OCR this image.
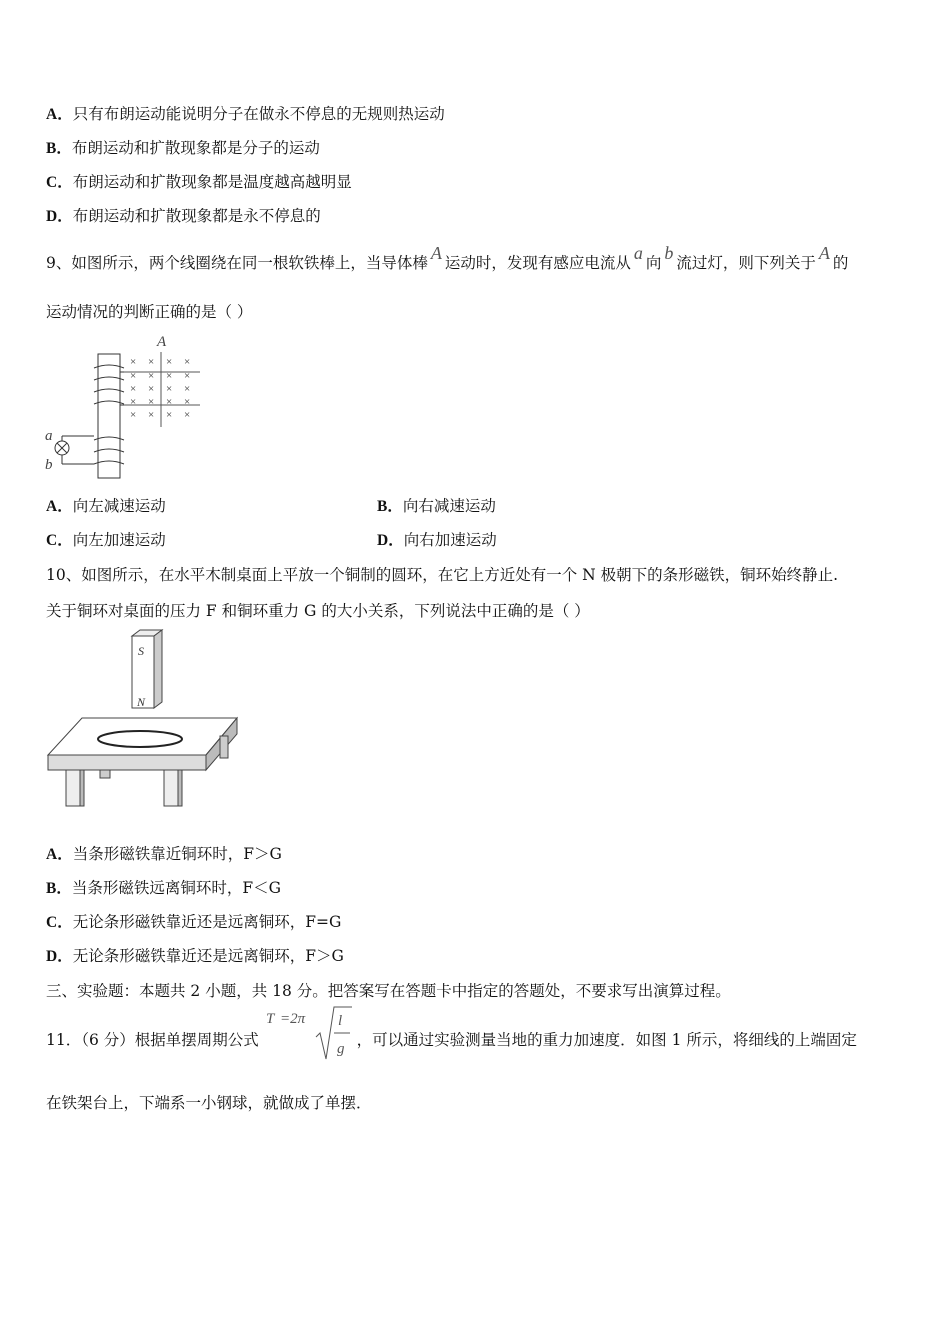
A．只有布朗运动能说明分子在做永不停息的无规则热运动
B．布朗运动和扩散现象都是分子的运动
C．布朗运动和扩散现象都是温度越高越明显
D．布朗运动和扩散现象都是永不停息的
9、如图所示，两个线圈绕在同一根软铁棒上，当导体棒 A 运动时，发现有感应电流从 a 向 b 流过灯，则下列关于 A 的
运动情况的判断正确的是（ ）
A
× × × ×
× × × ×
× × × ×
× × × ×
× × × ×
a
b
A．向左减速运动	B．向右减速运动
C．向左加速运动	D．向右加速运动
10、如图所示，在水平木制桌面上平放一个铜制的圆环，在它上方近处有一个 N 极朝下的条形磁铁，铜环始终静止.
关于铜环对桌面的压力 F 和铜环重力 G 的大小关系，下列说法中正确的是（ ）
S
N
A．当条形磁铁靠近铜环时，F＞G
B．当条形磁铁远离铜环时，F＜G
C．无论条形磁铁靠近还是远离铜环，F=G
D．无论条形磁铁靠近还是远离铜环，F＞G
三、实验题：本题共 2 小题，共 18 分。把答案写在答题卡中指定的答题处，不要求写出演算过程。
11．（6 分）根据单摆周期公式
T =2π l
g ，可以通过实验测量当地的重力加速度．如图 1 所示，将细线的上端固定
在铁架台上，下端系一小钢球，就做成了单摆．
